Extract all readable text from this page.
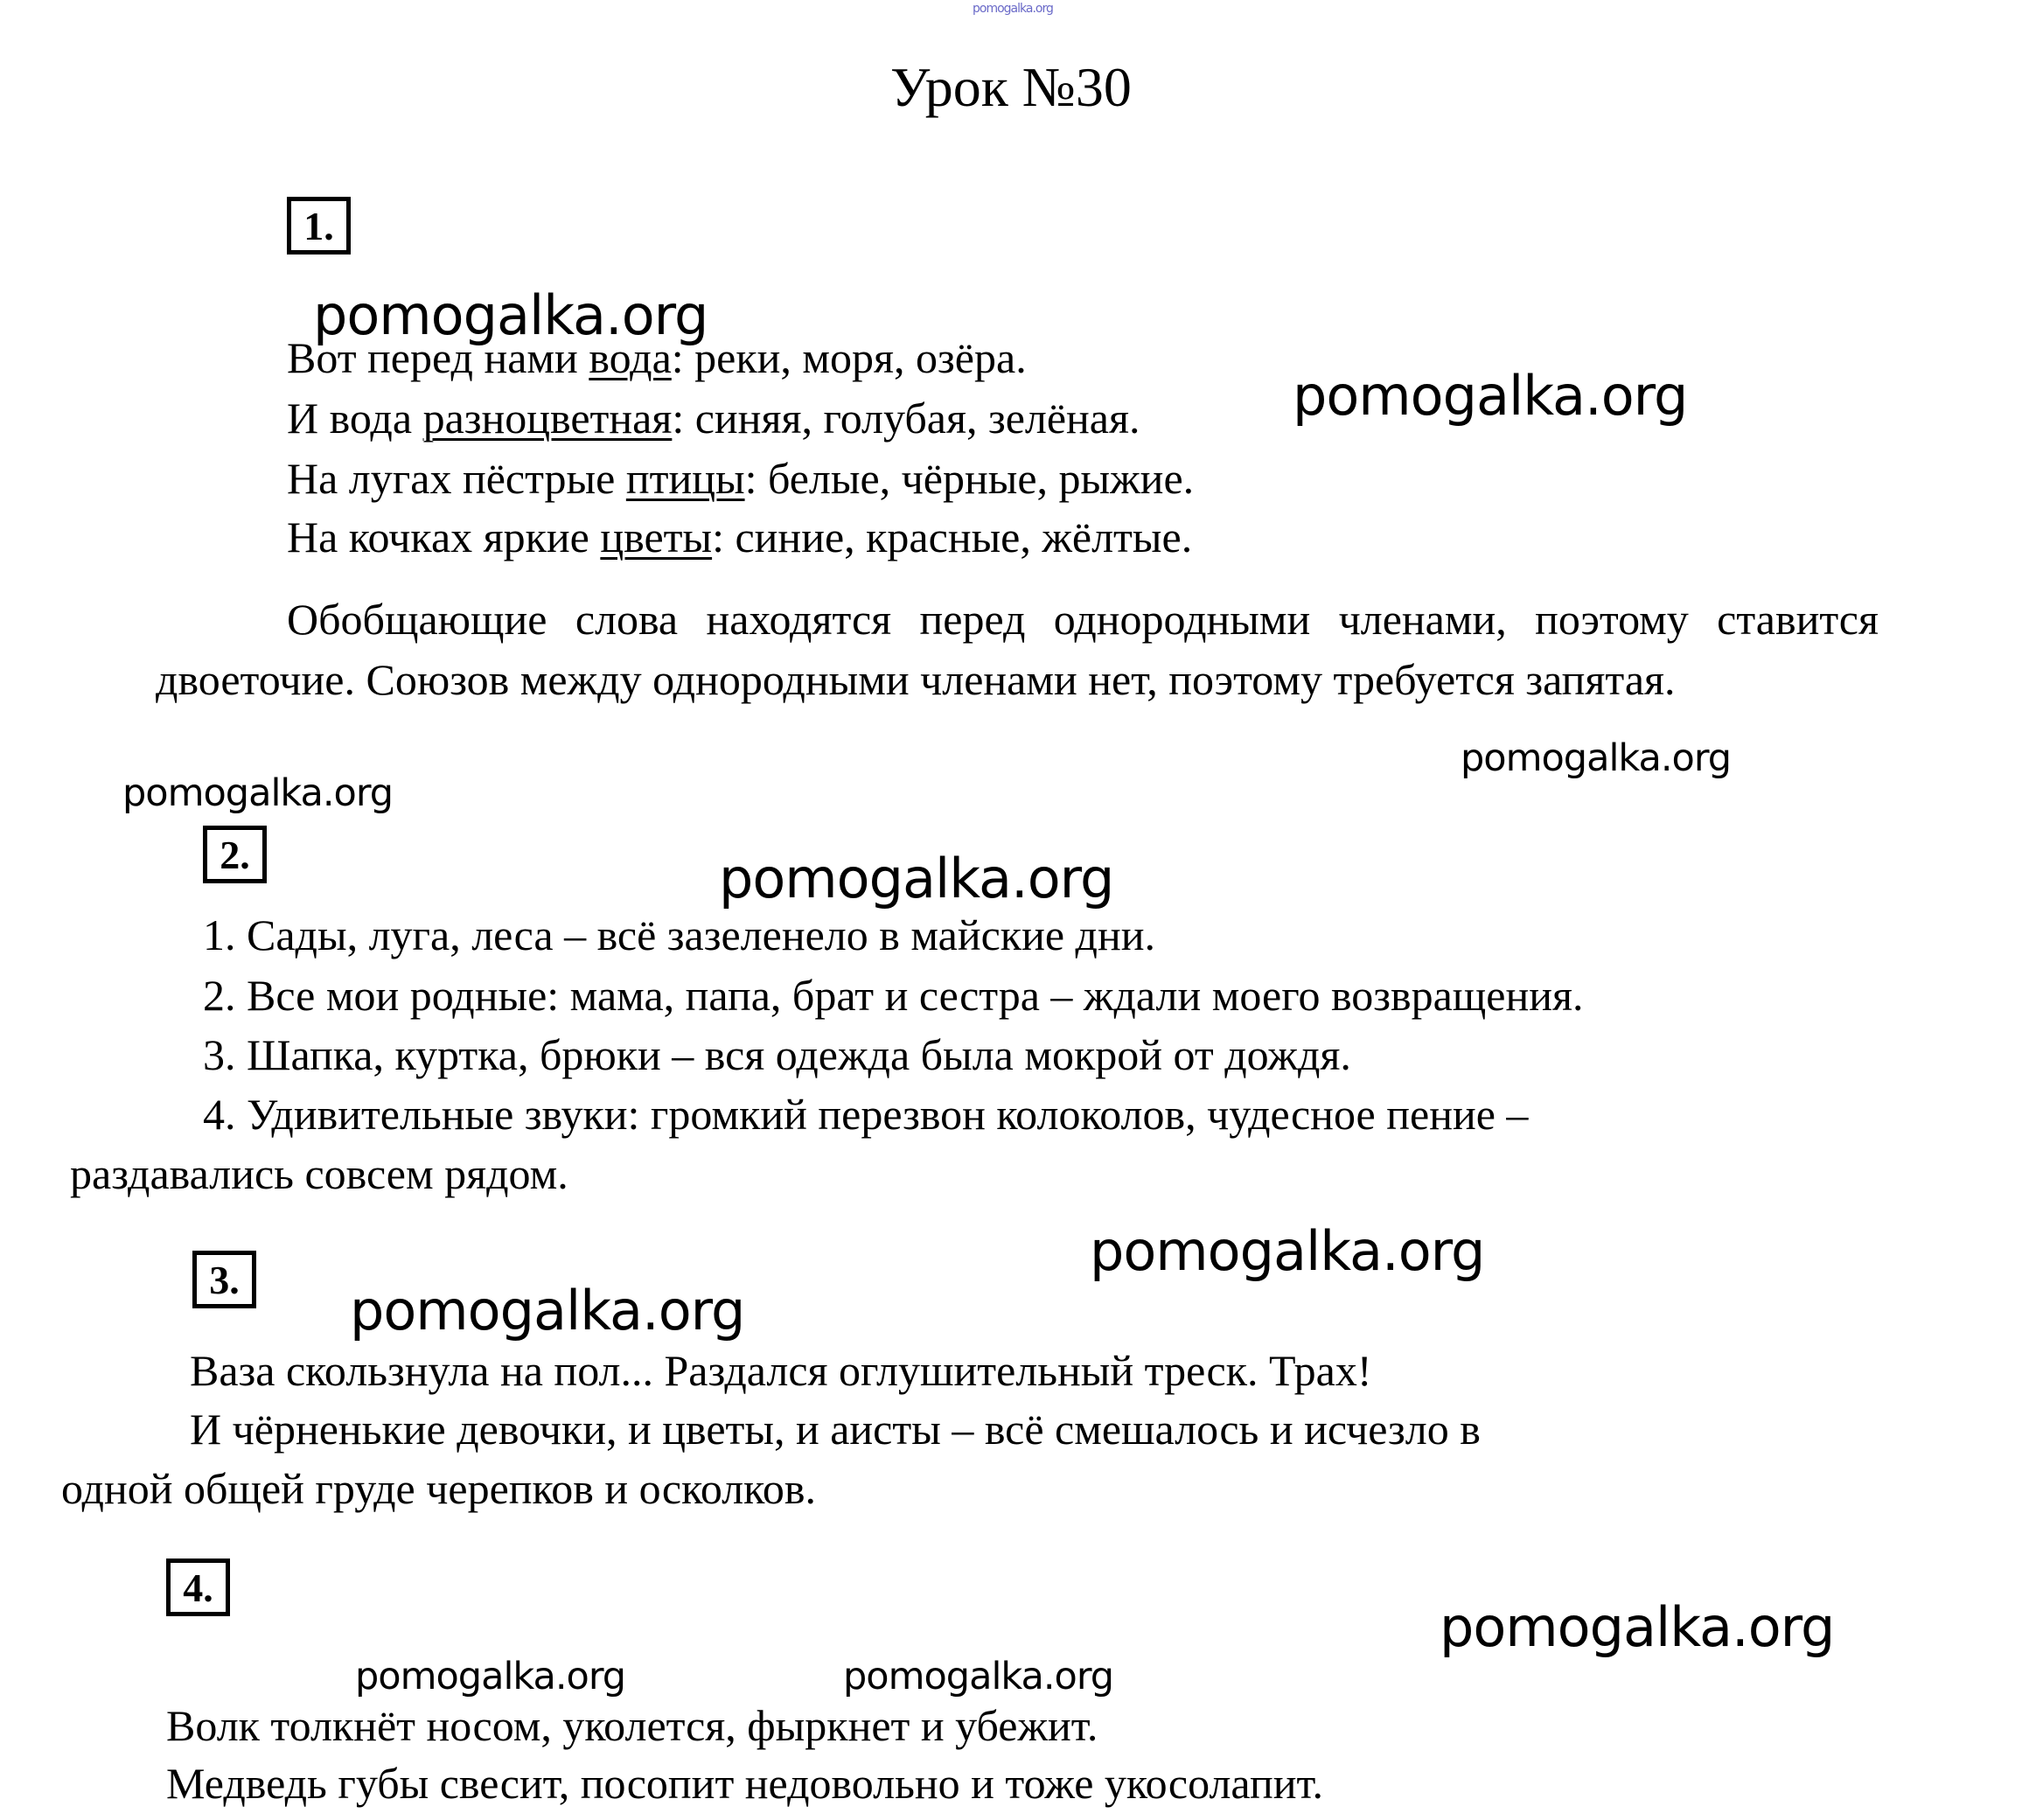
pomogalka.org

Урок №30
1.

Вот перед нами вода: реки, моря, озёра.

И вода разноцветная: синяя, голубая, зелёная.

На лугах пёстрые птицы: белые, чёрные, рыжие.

На кочках яркие цветы: синие, красные, жёлтые.

Обобщающие слова находятся перед однородными членами, поэтому ставится двоеточие. Союзов между однородными членами нет, поэтому требуется запятая.

2.

1. Сады, луга, леса – всё зазеленело в майские дни.

2. Все мои родные: мама, папа, брат и сестра – ждали моего возвращения.

3. Шапка, куртка, брюки – вся одежда была мокрой от дождя.

4. Удивительные звуки: громкий перезвон колоколов, чудесное пение –

раздавались совсем рядом.

3.

Ваза скользнула на пол... Раздался оглушительный треск. Трах!

И чёрненькие девочки, и цветы, и аисты – всё смешалось и исчезло в

одной общей груде черепков и осколков.

4.

Волк толкнёт носом, уколется, фыркнет и убежит.

Медведь губы свесит, посопит недовольно и тоже укосолапит.

pomogalka.org

pomogalka.org

pomogalka.org

pomogalka.org

pomogalka.org

pomogalka.org

pomogalka.org

pomogalka.org

pomogalka.org	pomogalka.org
